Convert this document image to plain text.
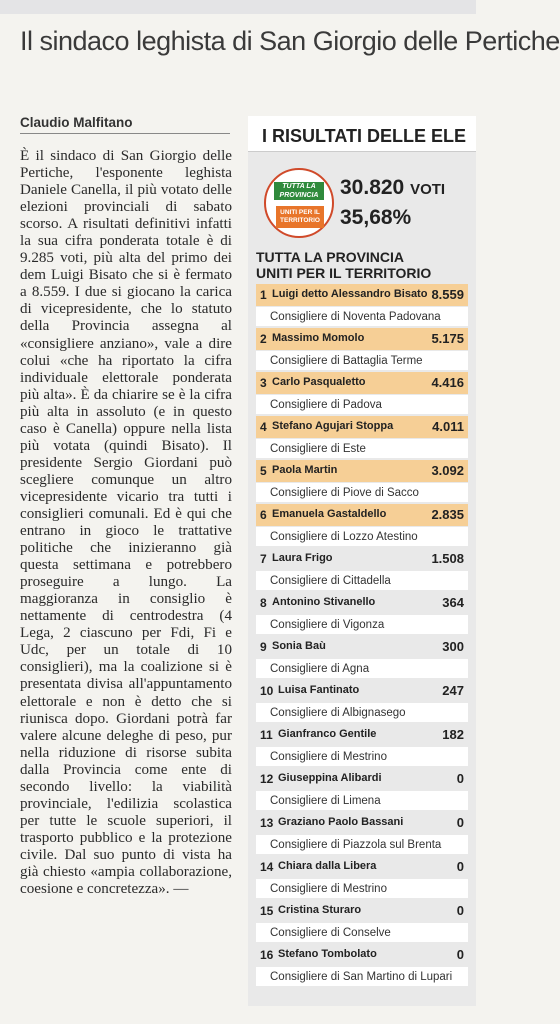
Il sindaco leghista di San Giorgio delle Pertiche
Claudio Malfitano

È il sindaco di San Giorgio delle Pertiche, l'esponente leghista Daniele Canella, il più votato delle elezioni provinciali di sabato scorso. A risultati definitivi infatti la sua cifra ponderata totale è di 9.285 voti, più alta del primo dei dem Luigi Bisato che si è fermato a 8.559. I due si giocano la carica di vicepresidente, che lo statuto della Provincia assegna al «consigliere anziano», vale a dire colui «che ha riportato la cifra individuale elettorale ponderata più alta». È da chiarire se è la cifra più alta in assoluto (e in questo caso è Canella) oppure nella lista più votata (quindi Bisato). Il presidente Sergio Giordani può scegliere comunque un altro vicepresidente vicario tra tutti i consiglieri comunali. Ed è qui che entrano in gioco le trattative politiche che inizieranno già questa settimana e potrebbero proseguire a lungo. La maggioranza in consiglio è nettamente di centrodestra (4 Lega, 2 ciascuno per Fdi, Fi e Udc, per un totale di 10 consiglieri), ma la coalizione si è presentata divisa all'appuntamento elettorale e non è detto che si riunisca dopo. Giordani potrà far valere alcune deleghe di peso, pur nella riduzione di risorse subita dalla Provincia come ente di secondo livello: la viabilità provinciale, l'edilizia scolastica per tutte le scuole superiori, il trasporto pubblico e la protezione civile. Dal suo punto di vista ha già chiesto «ampia collaborazione, coesione e concretezza». —

I RISULTATI DELLE ELE
TUTTA LA PROVINCIA
UNITI PER IL TERRITORIO
30.820 VOTI
35,68%
TUTTA LA PROVINCIA
UNITI PER IL TERRITORIO
1 Luigi detto Alessandro Bisato 8.559
Consigliere di Noventa Padovana
2 Massimo Momolo	5.175
Consigliere di Battaglia Terme
3 Carlo Pasqualetto	4.416
Consigliere di Padova
4 Stefano Agujari Stoppa	4.011
Consigliere di Este
5 Paola Martin	3.092
Consigliere di Piove di Sacco
6 Emanuela Gastaldello	2.835
Consigliere di Lozzo Atestino
7 Laura Frigo	1.508
Consigliere di Cittadella
8 Antonino Stivanello	364
Consigliere di Vigonza
9 Sonia Baù	300
Consigliere di Agna
10 Luisa Fantinato	247
Consigliere di Albignasego
11 Gianfranco Gentile	182
Consigliere di Mestrino
12 Giuseppina Alibardi	0
Consigliere di Limena
13 Graziano Paolo Bassani	0
Consigliere di Piazzola sul Brenta
14 Chiara dalla Libera	0
Consigliere di Mestrino
15 Cristina Sturaro	0
Consigliere di Conselve
16 Stefano Tombolato	0
Consigliere di San Martino di Lupari
